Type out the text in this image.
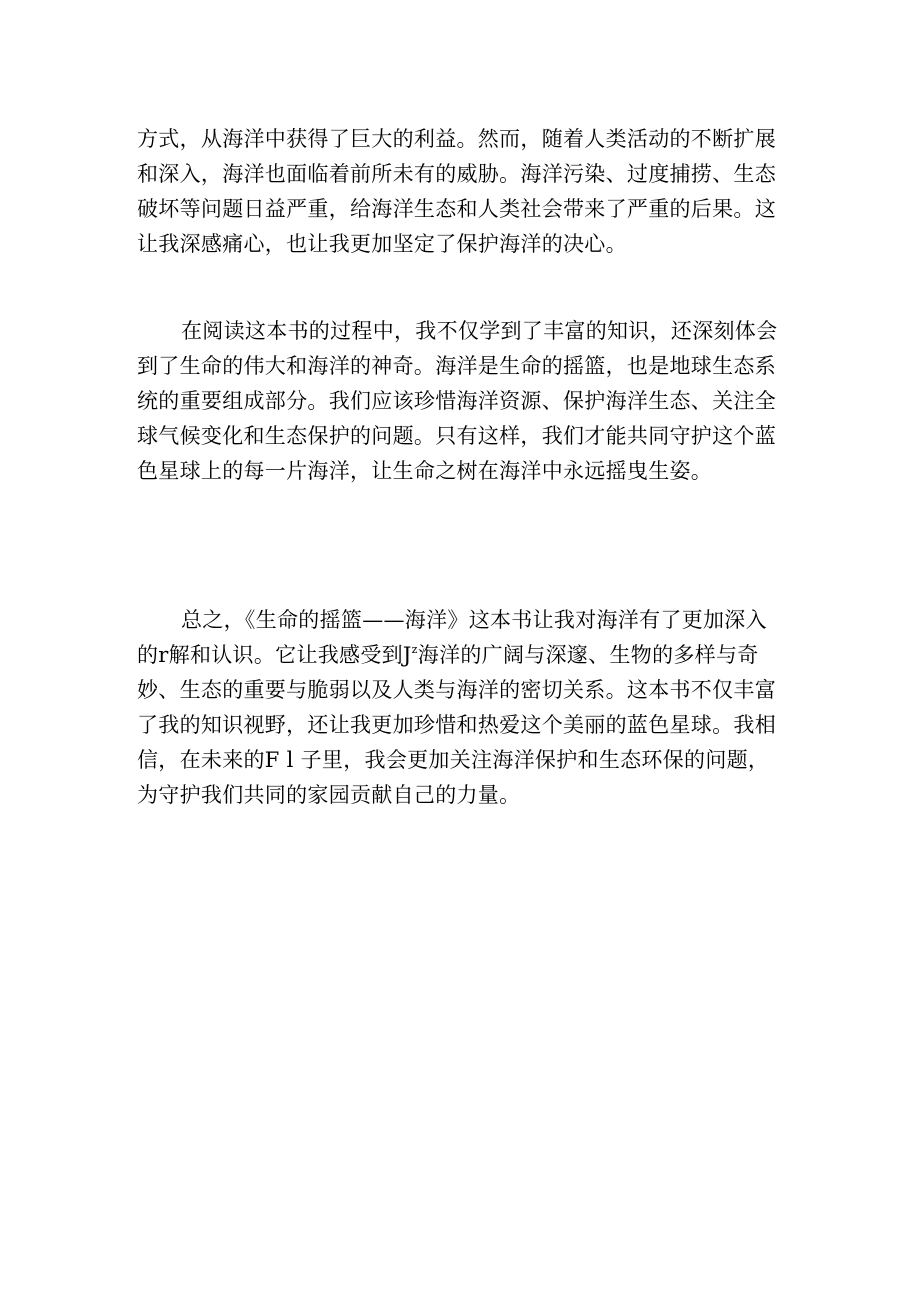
方式，从海洋中获得了巨大的利益。然而，随着人类活动的不断扩展
和深入，海洋也面临着前所未有的威胁。海洋污染、过度捕捞、生态
破坏等问题日益严重，给海洋生态和人类社会带来了严重的后果。这
让我深感痛心，也让我更加坚定了保护海洋的决心。
在阅读这本书的过程中，我不仅学到了丰富的知识，还深刻体会
到了生命的伟大和海洋的神奇。海洋是生命的摇篮，也是地球生态系
统的重要组成部分。我们应该珍惜海洋资源、保护海洋生态、关注全
球气候变化和生态保护的问题。只有这样，我们才能共同守护这个蓝
色星球上的每一片海洋，让生命之树在海洋中永远摇曳生姿。
总之，《生命的摇篮——海洋》这本书让我对海洋有了更加深入
的r解和认识。它让我感受到$J^z$海洋的广阔与深邃、生物的多样与奇
妙、生态的重要与脆弱以及人类与海洋的密切关系。这本书不仅丰富
了我的知识视野，还让我更加珍惜和热爱这个美丽的蓝色星球。我相
信，在未来的F l 子里，我会更加关注海洋保护和生态环保的问题，
为守护我们共同的家园贡献自己的力量。
